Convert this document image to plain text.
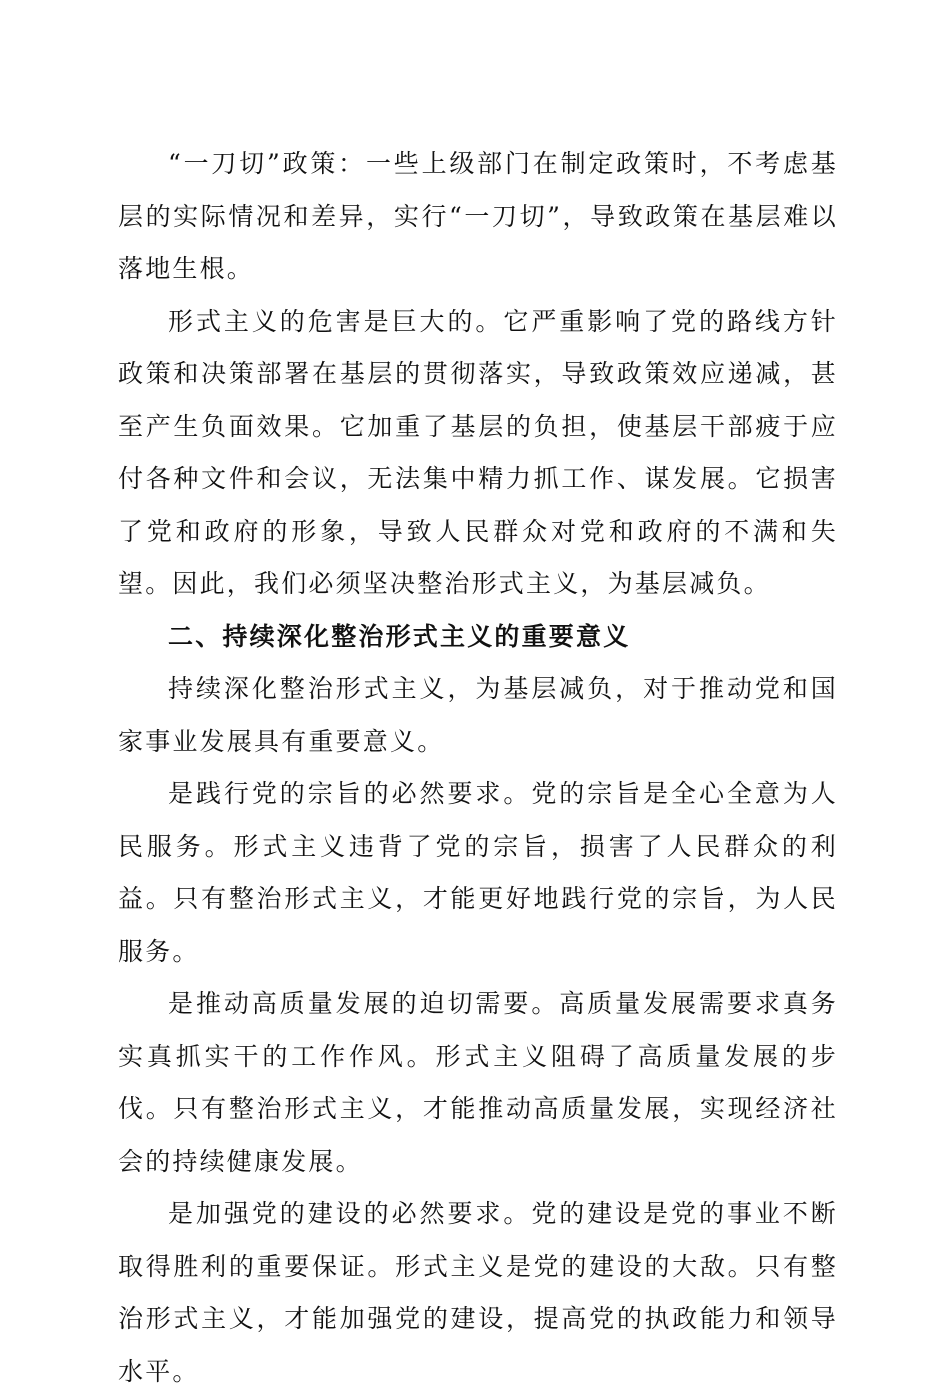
“一刀切”政策：一些上级部门在制定政策时，不考虑基层的实际情况和差异，实行“一刀切”，导致政策在基层难以落地生根。

形式主义的危害是巨大的。它严重影响了党的路线方针政策和决策部署在基层的贯彻落实，导致政策效应递减，甚至产生负面效果。它加重了基层的负担，使基层干部疲于应付各种文件和会议，无法集中精力抓工作、谋发展。它损害了党和政府的形象，导致人民群众对党和政府的不满和失望。因此，我们必须坚决整治形式主义，为基层减负。

二、持续深化整治形式主义的重要意义

持续深化整治形式主义，为基层减负，对于推动党和国家事业发展具有重要意义。

是践行党的宗旨的必然要求。党的宗旨是全心全意为人民服务。形式主义违背了党的宗旨，损害了人民群众的利益。只有整治形式主义，才能更好地践行党的宗旨，为人民服务。

是推动高质量发展的迫切需要。高质量发展需要求真务实真抓实干的工作作风。形式主义阻碍了高质量发展的步伐。只有整治形式主义，才能推动高质量发展，实现经济社会的持续健康发展。

是加强党的建设的必然要求。党的建设是党的事业不断取得胜利的重要保证。形式主义是党的建设的大敌。只有整治形式主义，才能加强党的建设，提高党的执政能力和领导水平。
